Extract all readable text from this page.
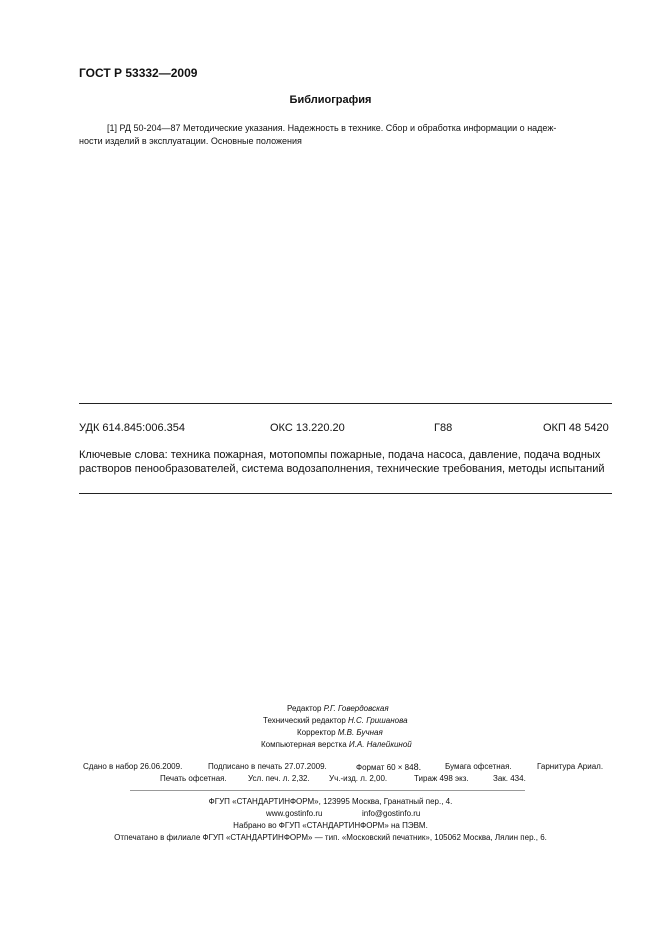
ГОСТ Р 53332—2009
Библиография
[1] РД 50-204—87 Методические указания. Надежность в технике. Сбор и обработка информации о надеж-
ности изделий в эксплуатации. Основные положения
УДК 614.845:006.354	ОКС 13.220.20	Г88	ОКП 48 5420
Ключевые слова: техника пожарная, мотопомпы пожарные, подача насоса, давление, подача водных
растворов пенообразователей, система водозаполнения, технические требования, методы испытаний
Редактор Р.Г. Говердовская
Технический редактор Н.С. Гришанова
Корректор М.В. Бучная
Компьютерная верстка И.А. Налейкиной
Сдано в набор 26.06.2009.	Подписано в печать 27.07.2009.	Формат 60 × 848.	Бумага офсетная.	Гарнитура Ариал.
Печать офсетная.	Усл. печ. л. 2,32. Уч.-изд. л. 2,00.	Тираж 498 экз.	Зак. 434.
ФГУП «СТАНДАРТИНФОРМ», 123995 Москва, Гранатный пер., 4.
www.gostinfo.ru	info@gostinfo.ru
Набрано во ФГУП «СТАНДАРТИНФОРМ» на ПЭВМ.
Отпечатано в филиале ФГУП «СТАНДАРТИНФОРМ» — тип. «Московский печатник», 105062 Москва, Лялин пер., 6.
